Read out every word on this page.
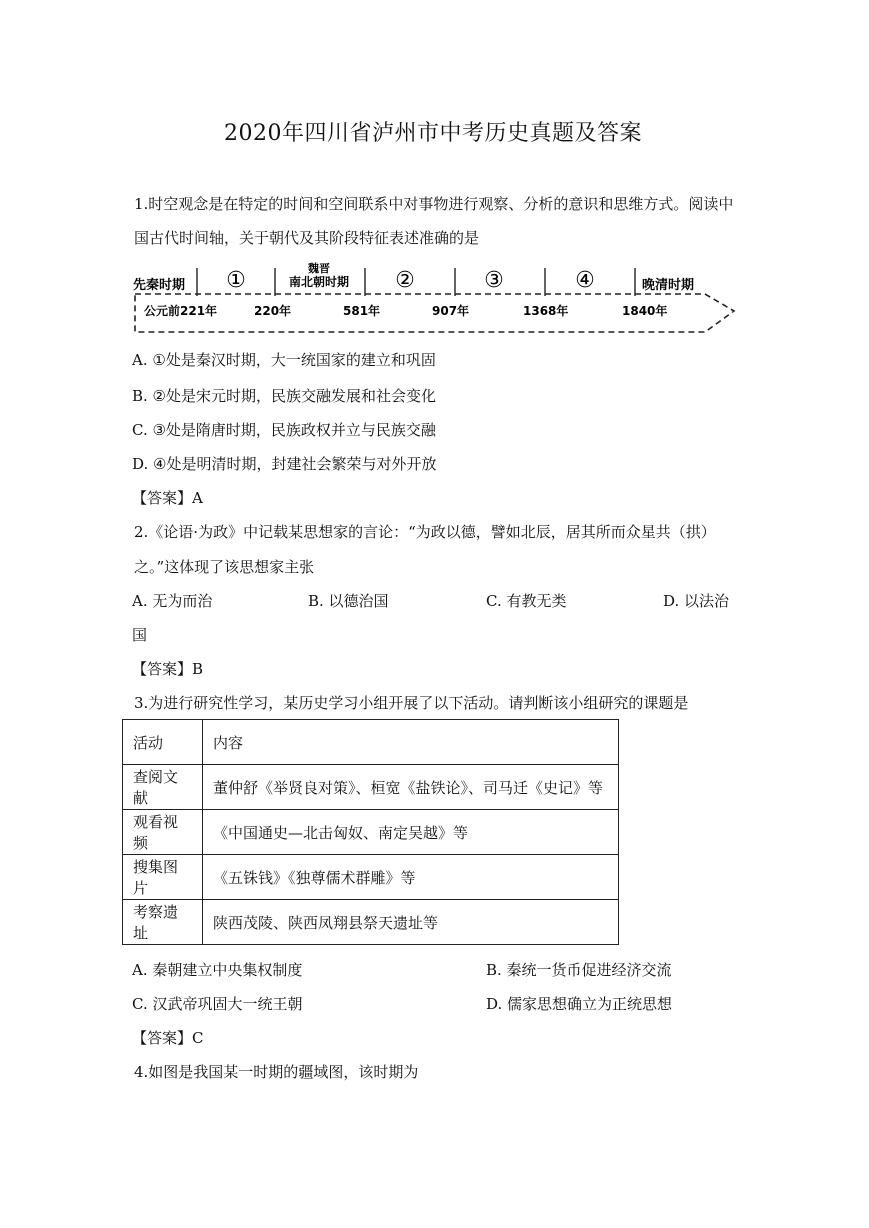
2020年四川省泸州市中考历史真题及答案
1.时空观念是在特定的时间和空间联系中对事物进行观察、分析的意识和思维方式。阅读中
国古代时间轴，关于朝代及其阶段特征表述准确的是
先秦时期 ①	魏晋
南北朝时期 ②	③	④	晚清时期
公元前221年	220年	581年	907年	1368年	1840年
A. ①处是秦汉时期，大一统国家的建立和巩固
B. ②处是宋元时期，民族交融发展和社会变化
C. ③处是隋唐时期，民族政权并立与民族交融
D. ④处是明清时期，封建社会繁荣与对外开放
【答案】A
2.《论语·为政》中记载某思想家的言论：“为政以德，譬如北辰，居其所而众星共（拱）
之。”这体现了该思想家主张
A. 无为而治	B. 以德治国	C. 有教无类	D. 以法治
国
【答案】B
3.为进行研究性学习，某历史学习小组开展了以下活动。请判断该小组研究的课题是
活动	内容
查阅文献	董仲舒《举贤良对策》、桓宽《盐铁论》、司马迁《史记》等
观看视频	《中国通史—北击匈奴、南定吴越》等
搜集图片	《五铢钱》《独尊儒术群雕》等
考察遗址	陕西茂陵、陕西凤翔县祭天遗址等
A. 秦朝建立中央集权制度	B. 秦统一货币促进经济交流
C. 汉武帝巩固大一统王朝	D. 儒家思想确立为正统思想
【答案】C
4.如图是我国某一时期的疆域图，该时期为
